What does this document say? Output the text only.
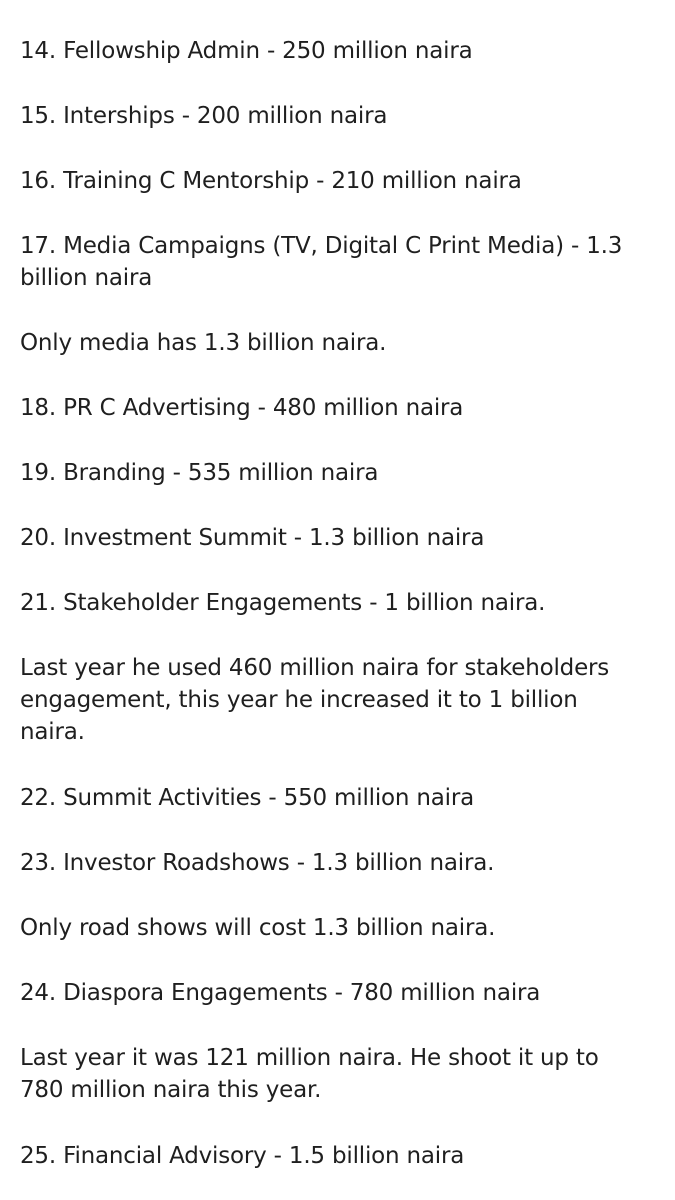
14. Fellowship Admin - 250 million naira

15. Interships - 200 million naira

16. Training C Mentorship - 210 million naira

17. Media Campaigns (TV, Digital C Print Media) - 1.3 billion naira

Only media has 1.3 billion naira.

18. PR C Advertising - 480 million naira

19. Branding - 535 million naira

20. Investment Summit - 1.3 billion naira

21. Stakeholder Engagements - 1 billion naira.

Last year he used 460 million naira for stakeholders engagement, this year he increased it to 1 billion naira.

22. Summit Activities - 550 million naira

23. Investor Roadshows - 1.3 billion naira.

Only road shows will cost 1.3 billion naira.

24. Diaspora Engagements - 780 million naira

Last year it was 121 million naira. He shoot it up to 780 million naira this year.

25. Financial Advisory - 1.5 billion naira
